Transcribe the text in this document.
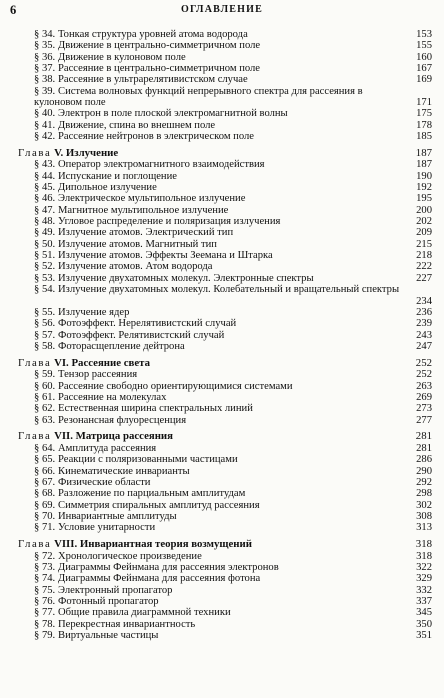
6	ОГЛАВЛЕНИЕ
§ 34. Тонкая структура уровней атома водорода	153
§ 35. Движение в центрально-симметричном поле	155
§ 36. Движение в кулоновом поле	160
§ 37. Рассеяние в центрально-симметричном поле	167
§ 38. Рассеяние в ультрарелятивистском случае	169
§ 39. Система волновых функций непрерывного спектра для рассеяния в кулоновом поле	171
§ 40. Электрон в поле плоской электромагнитной волны	175
§ 41. Движение, спина во внешнем поле	178
§ 42. Рассеяние нейтронов в электрическом поле	185
Глава V. Излучение	187
§ 43. Оператор электромагнитного взаимодействия	187
§ 44. Испускание и поглощение	190
§ 45. Дипольное излучение	192
§ 46. Электрическое мультипольное излучение	195
§ 47. Магнитное мультипольное излучение	200
§ 48. Угловое распределение и поляризация излучения	202
§ 49. Излучение атомов. Электрический тип	209
§ 50. Излучение атомов. Магнитный тип	215
§ 51. Излучение атомов. Эффекты Зеемана и Штарка	218
§ 52. Излучение атомов. Атом водорода	222
§ 53. Излучение двухатомных молекул. Электронные спектры	227
§ 54. Излучение двухатомных молекул. Колебательный и вращательный спектры
234
§ 55. Излучение ядер	236
§ 56. Фотоэффект. Нерелятивистский случай	239
§ 57. Фотоэффект. Релятивистский случай	243
§ 58. Фоторасщепление дейтрона	247
Глава VI. Рассеяние света	252
§ 59. Тензор рассеяния	252
§ 60. Рассеяние свободно ориентирующимися системами	263
§ 61. Рассеяние на молекулах	269
§ 62. Естественная ширина спектральных линий	273
§ 63. Резонансная флуоресценция	277
Глава VII. Матрица рассеяния	281
§ 64. Амплитуда рассеяния	281
§ 65. Реакции с поляризованными частицами	286
§ 66. Кинематические инварианты	290
§ 67. Физические области	292
§ 68. Разложение по парциальным амплитудам	298
§ 69. Симметрия спиральных амплитуд рассеяния	302
§ 70. Инвариантные амплитуды	308
§ 71. Условие унитарности	313
Глава VIII. Инвариантная теория возмущений	318
§ 72. Хронологическое произведение	318
§ 73. Диаграммы Фейнмана для рассеяния электронов	322
§ 74. Диаграммы Фейнмана для рассеяния фотона	329
§ 75. Электронный пропагатор	332
§ 76. Фотонный пропагатор	337
§ 77. Общие правила диаграммной техники	345
§ 78. Перекрестная инвариантность	350
§ 79. Виртуальные частицы	351
